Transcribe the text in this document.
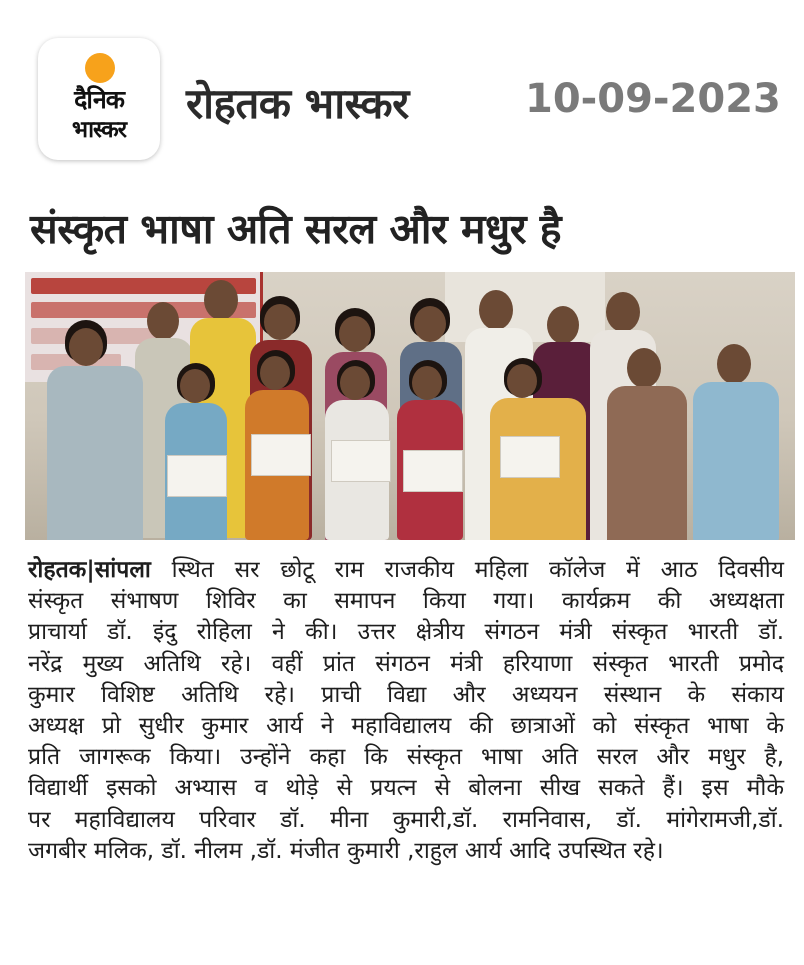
दैनिक
भास्कर
रोहतक भास्कर	10-09-2023
संस्कृत भाषा अति सरल और मधुर है
रोहतक|सांपला स्थित सर छोटू राम राजकीय महिला कॉलेज में आठ दिवसीय
संस्कृत संभाषण शिविर का समापन किया गया। कार्यक्रम की अध्यक्षता
प्राचार्या डॉ. इंदु रोहिला ने की। उत्तर क्षेत्रीय संगठन मंत्री संस्कृत भारती डॉ.
नरेंद्र मुख्य अतिथि रहे। वहीं प्रांत संगठन मंत्री हरियाणा संस्कृत भारती प्रमोद
कुमार विशिष्ट अतिथि रहे। प्राची विद्या और अध्ययन संस्थान के संकाय
अध्यक्ष प्रो सुधीर कुमार आर्य ने महाविद्यालय की छात्राओं को संस्कृत भाषा के
प्रति जागरूक किया। उन्होंने कहा कि संस्कृत भाषा अति सरल और मधुर है,
विद्यार्थी इसको अभ्यास व थोड़े से प्रयत्न से बोलना सीख सकते हैं। इस मौके
पर महाविद्यालय परिवार डॉ. मीना कुमारी,डॉ. रामनिवास, डॉ. मांगेरामजी,डॉ.
जगबीर मलिक, डॉ. नीलम ,डॉ. मंजीत कुमारी ,राहुल आर्य आदि उपस्थित रहे।
